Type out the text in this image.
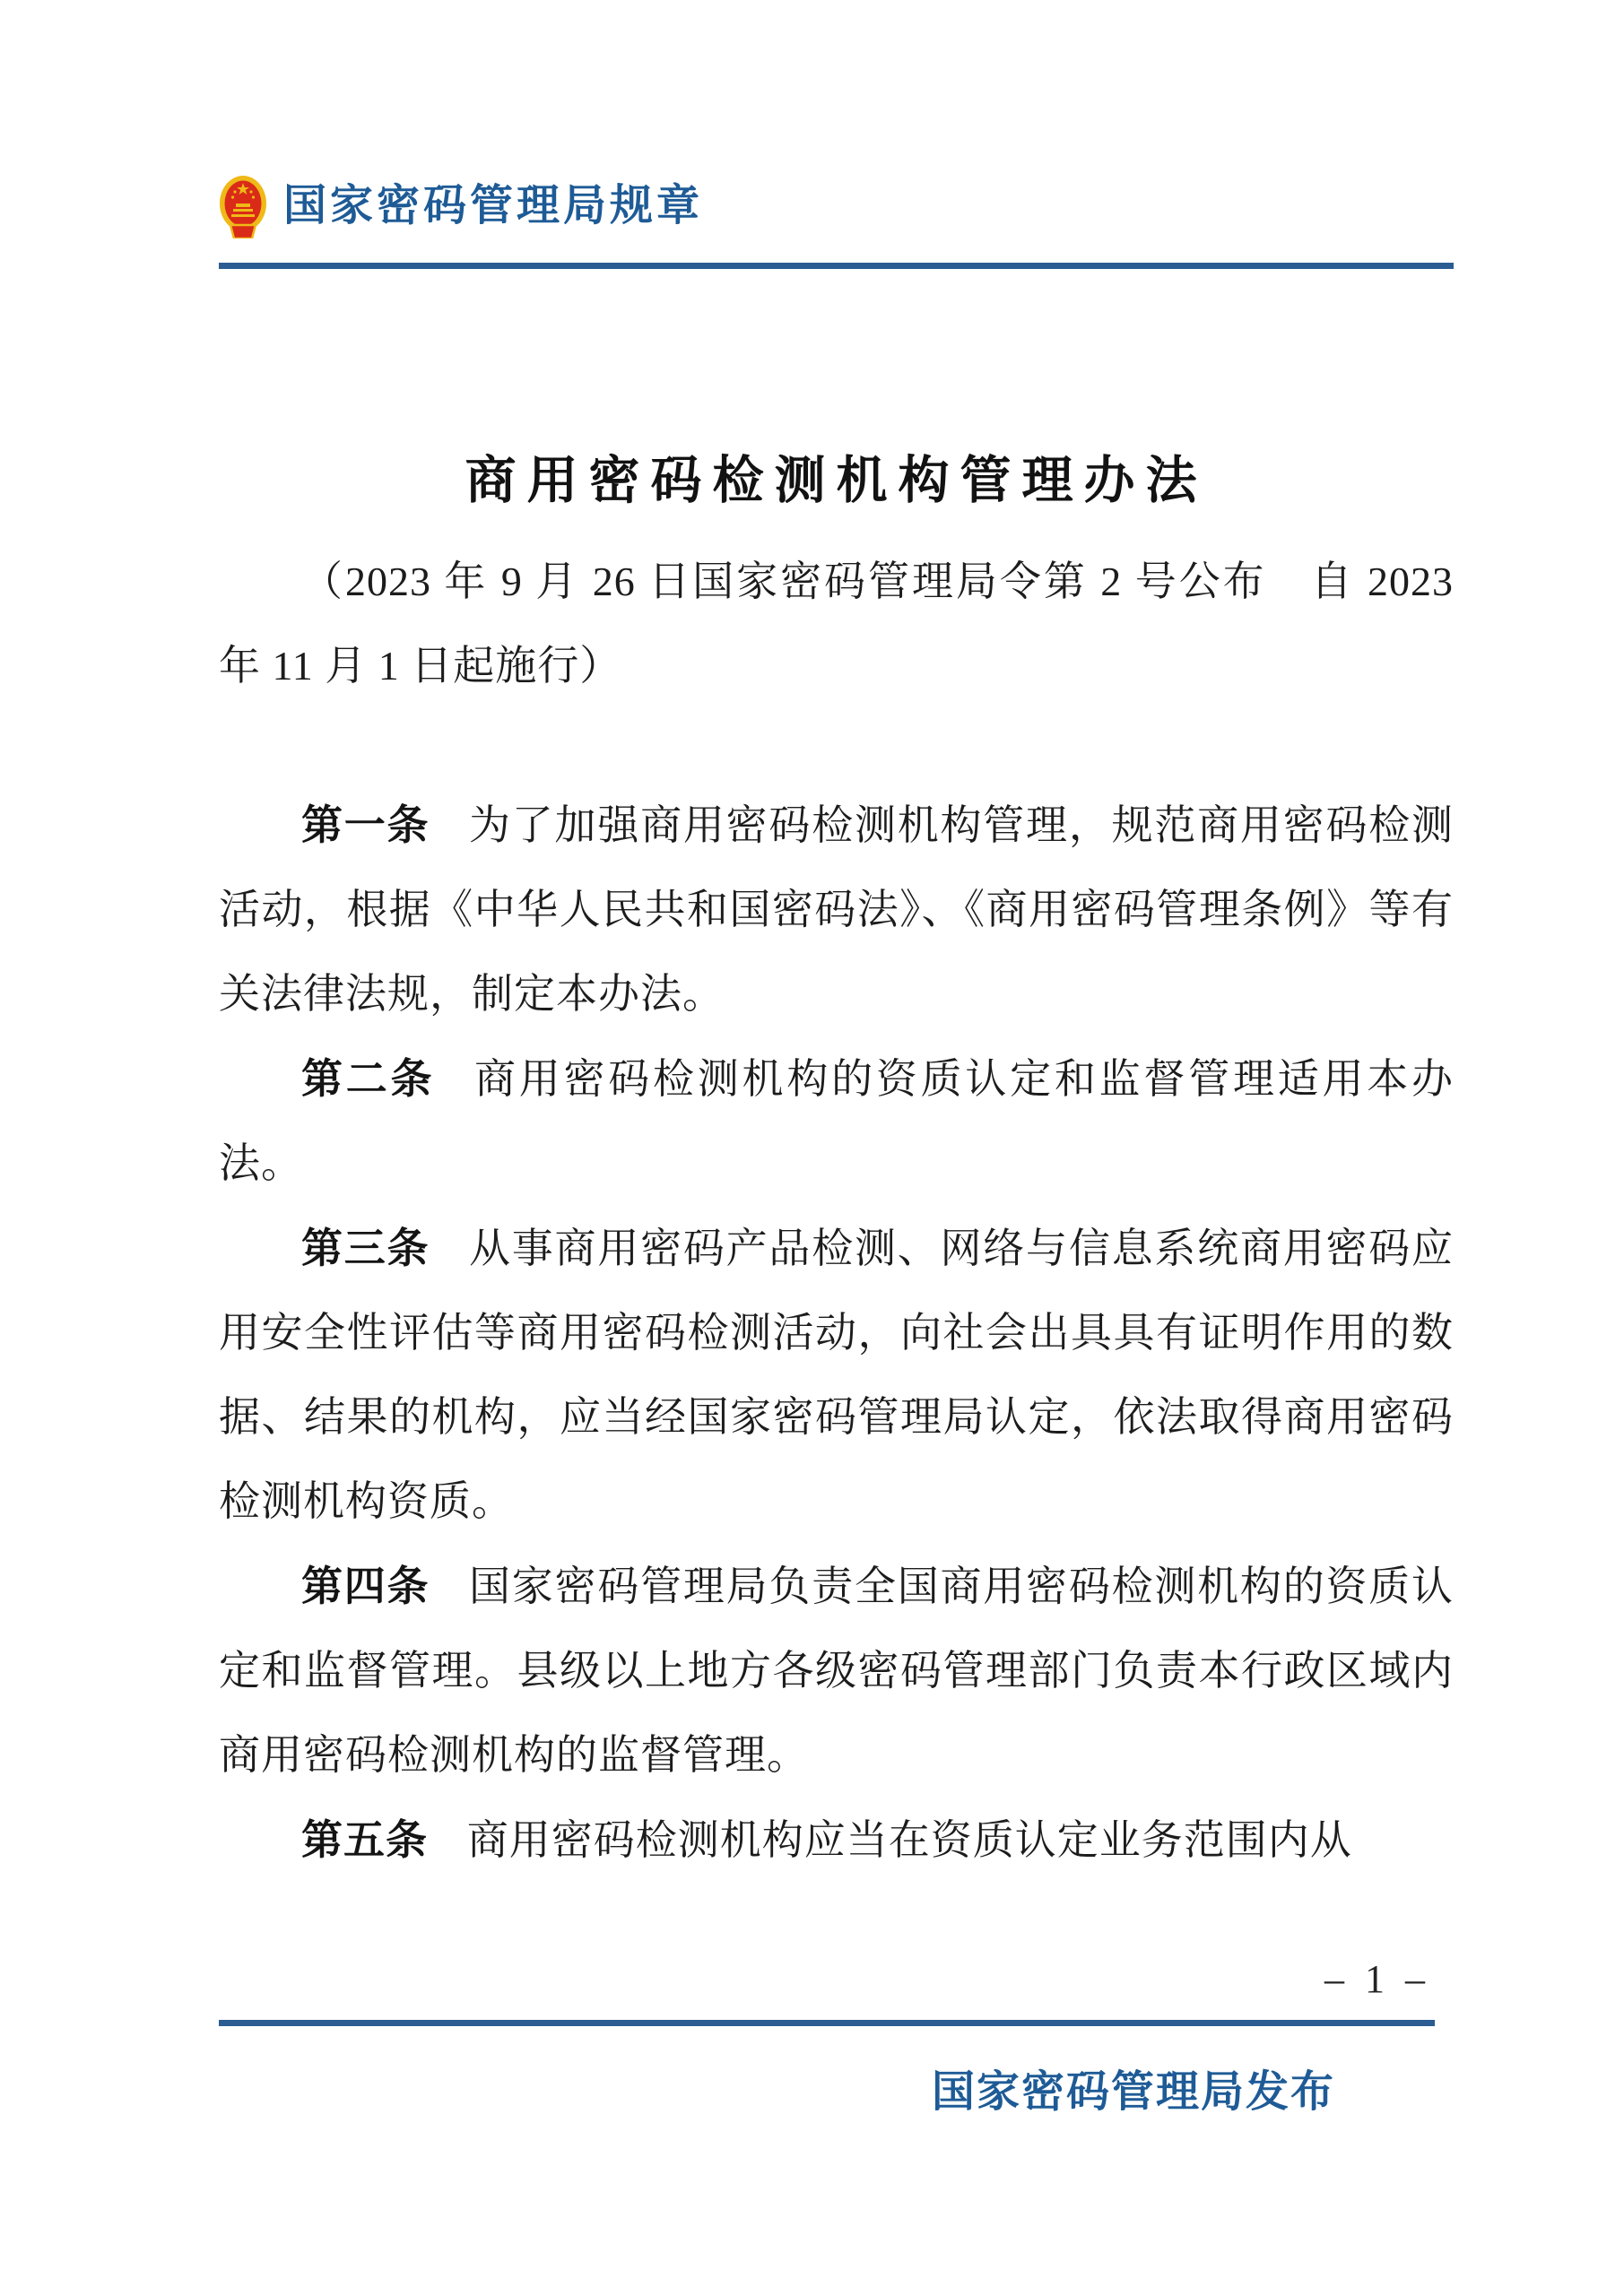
国家密码管理局规章
商用密码检测机构管理办法

（2023 年 9 月 26 日国家密码管理局令第 2 号公布　自 2023 年 11 月 1 日起施行）

第一条 为了加强商用密码检测机构管理，规范商用密码检测活动，根据《中华人民共和国密码法》、《商用密码管理条例》等有关法律法规，制定本办法。

第二条 商用密码检测机构的资质认定和监督管理适用本办法。

第三条 从事商用密码产品检测、网络与信息系统商用密码应用安全性评估等商用密码检测活动，向社会出具具有证明作用的数据、结果的机构，应当经国家密码管理局认定，依法取得商用密码检测机构资质。

第四条 国家密码管理局负责全国商用密码检测机构的资质认定和监督管理。县级以上地方各级密码管理部门负责本行政区域内商用密码检测机构的监督管理。

第五条 商用密码检测机构应当在资质认定业务范围内从

– 1 –
国家密码管理局发布
